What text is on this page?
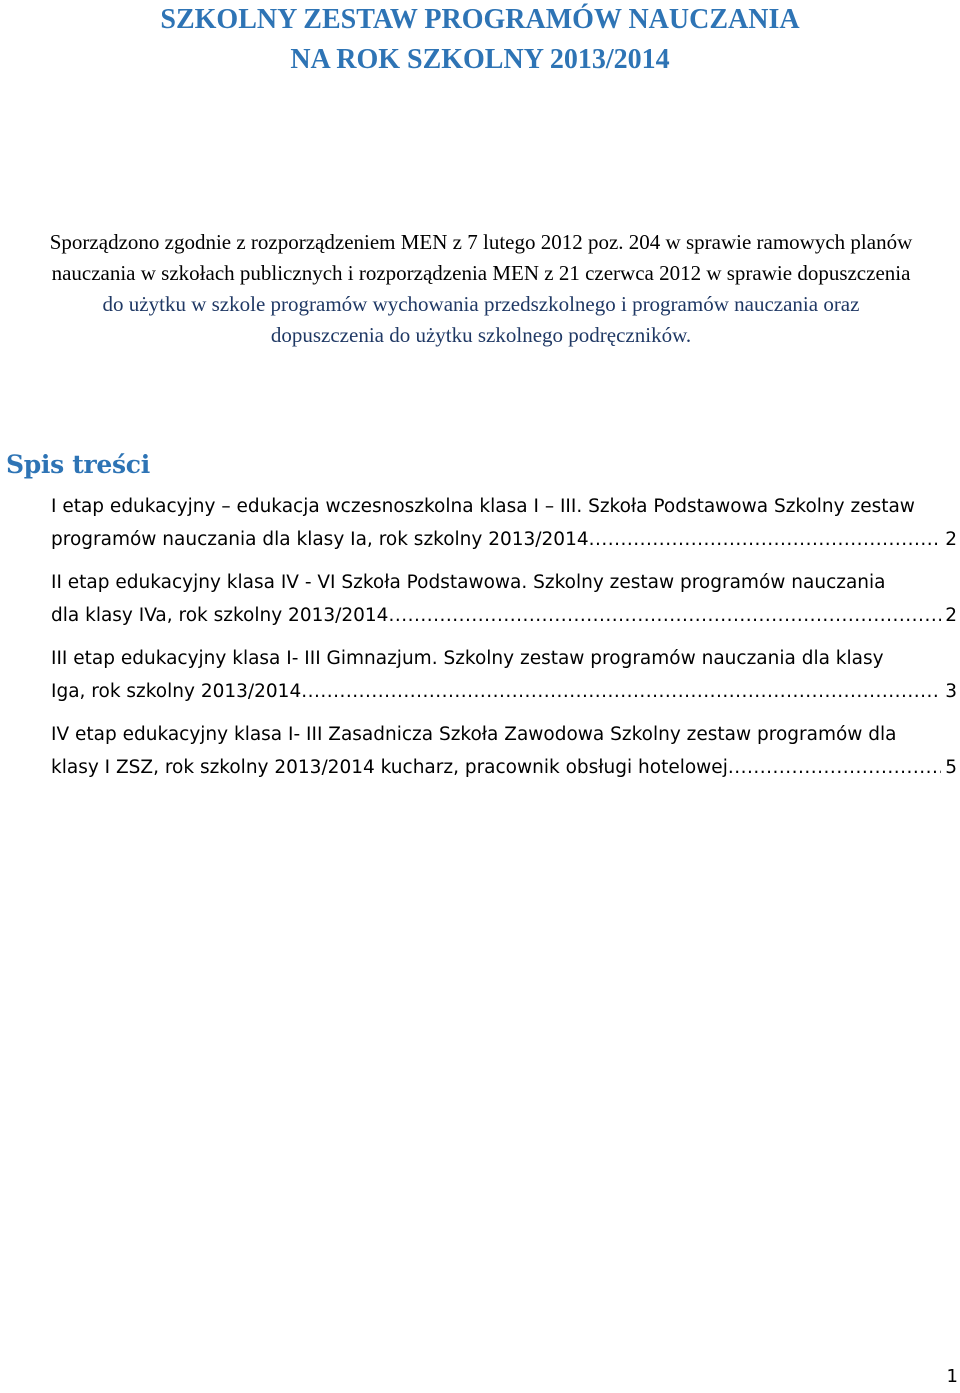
SZKOLNY ZESTAW PROGRAMÓW NAUCZANIA
NA ROK SZKOLNY 2013/2014
Sporządzono zgodnie z rozporządzeniem MEN z 7 lutego 2012 poz. 204 w sprawie ramowych planów
nauczania w szkołach publicznych i rozporządzenia MEN z 21 czerwca 2012 w sprawie dopuszczenia
do użytku w szkole programów wychowania przedszkolnego i programów nauczania oraz
dopuszczenia do użytku szkolnego podręczników.
Spis treści
I etap edukacyjny – edukacja wczesnoszkolna klasa I – III. Szkoła Podstawowa Szkolny zestaw
programów nauczania dla klasy Ia, rok szkolny 2013/2014 .....	2
II etap edukacyjny klasa IV - VI Szkoła Podstawowa. Szkolny zestaw programów nauczania
dla klasy IVa, rok szkolny 2013/2014 .....	2
III etap edukacyjny klasa I- III Gimnazjum. Szkolny zestaw programów nauczania dla klasy
Iga, rok szkolny 2013/2014 .....	3
IV etap edukacyjny klasa I- III Zasadnicza Szkoła Zawodowa Szkolny zestaw programów dla
klasy I ZSZ, rok szkolny 2013/2014 kucharz, pracownik obsługi hotelowej .....	5
1
